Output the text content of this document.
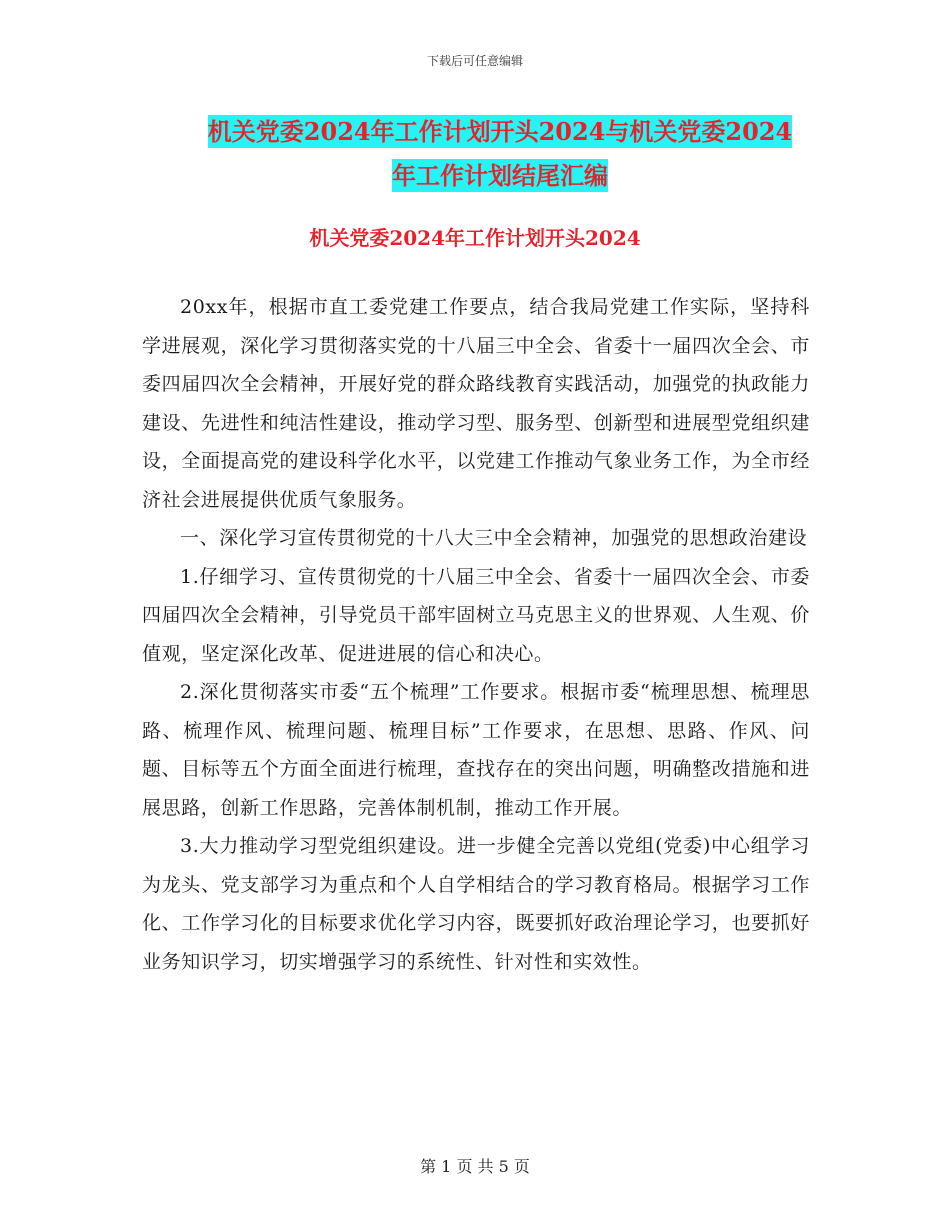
下载后可任意编辑
机关党委2024年工作计划开头2024与机关党委2024
年工作计划结尾汇编
机关党委2024年工作计划开头2024

20xx年，根据市直工委党建工作要点，结合我局党建工作实际，坚持科学进展观，深化学习贯彻落实党的十八届三中全会、省委十一届四次全会、市委四届四次全会精神，开展好党的群众路线教育实践活动，加强党的执政能力建设、先进性和纯洁性建设，推动学习型、服务型、创新型和进展型党组织建设，全面提高党的建设科学化水平，以党建工作推动气象业务工作，为全市经济社会进展提供优质气象服务。

一、深化学习宣传贯彻党的十八大三中全会精神，加强党的思想政治建设

1.仔细学习、宣传贯彻党的十八届三中全会、省委十一届四次全会、市委四届四次全会精神，引导党员干部牢固树立马克思主义的世界观、人生观、价值观，坚定深化改革、促进进展的信心和决心。

2.深化贯彻落实市委“五个梳理”工作要求。根据市委“梳理思想、梳理思路、梳理作风、梳理问题、梳理目标”工作要求，在思想、思路、作风、问题、目标等五个方面全面进行梳理，查找存在的突出问题，明确整改措施和进展思路，创新工作思路，完善体制机制，推动工作开展。

3.大力推动学习型党组织建设。进一步健全完善以党组(党委)中心组学习为龙头、党支部学习为重点和个人自学相结合的学习教育格局。根据学习工作化、工作学习化的目标要求优化学习内容，既要抓好政治理论学习，也要抓好业务知识学习，切实增强学习的系统性、针对性和实效性。

第 1 页 共 5 页
